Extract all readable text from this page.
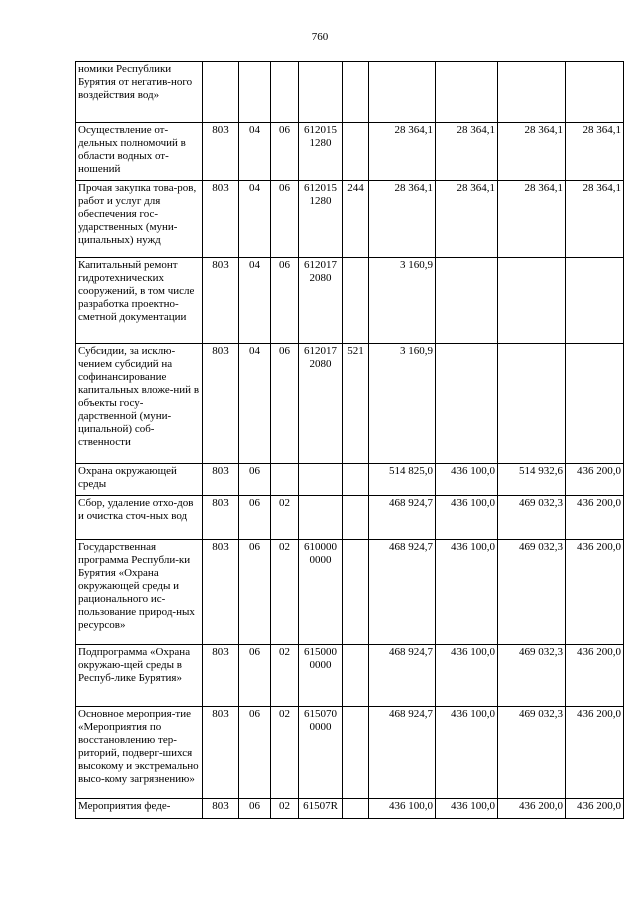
760
номики Республики Бурятия от негатив-ного воздействия вод»									
Осуществление от-дельных полномочий в области водных от-ношений	803	04	06	612015 1280		28 364,1	28 364,1	28 364,1	28 364,1
Прочая закупка това-ров, работ и услуг для обеспечения гос-ударственных (муни-ципальных) нужд	803	04	06	612015 1280	244	28 364,1	28 364,1	28 364,1	28 364,1
Капитальный ремонт гидротехнических сооружений, в том числе разработка проектно-сметной документации	803	04	06	612017 2080		3 160,9			
Субсидии, за исклю-чением субсидий на софинансирование капитальных вложе-ний в объекты госу-дарственной (муни-ципальной) соб-ственности	803	04	06	612017 2080	521	3 160,9			
Охрана окружающей среды	803	06				514 825,0	436 100,0	514 932,6	436 200,0
Сбор, удаление отхо-дов и очистка сточ-ных вод	803	06	02			468 924,7	436 100,0	469 032,3	436 200,0
Государственная программа Республи-ки Бурятия «Охрана окружающей среды и рационального ис-пользование природ-ных ресурсов»	803	06	02	610000 0000		468 924,7	436 100,0	469 032,3	436 200,0
Подпрограмма «Охрана окружаю-щей среды в Респуб-лике Бурятия»	803	06	02	615000 0000		468 924,7	436 100,0	469 032,3	436 200,0
Основное мероприя-тие «Мероприятия по восстановлению тер-риторий, подверг-шихся высокому и экстремально высо-кому загрязнению»	803	06	02	615070 0000		468 924,7	436 100,0	469 032,3	436 200,0
Мероприятия феде-	803	06	02	61507R		436 100,0	436 100,0	436 200,0	436 200,0
